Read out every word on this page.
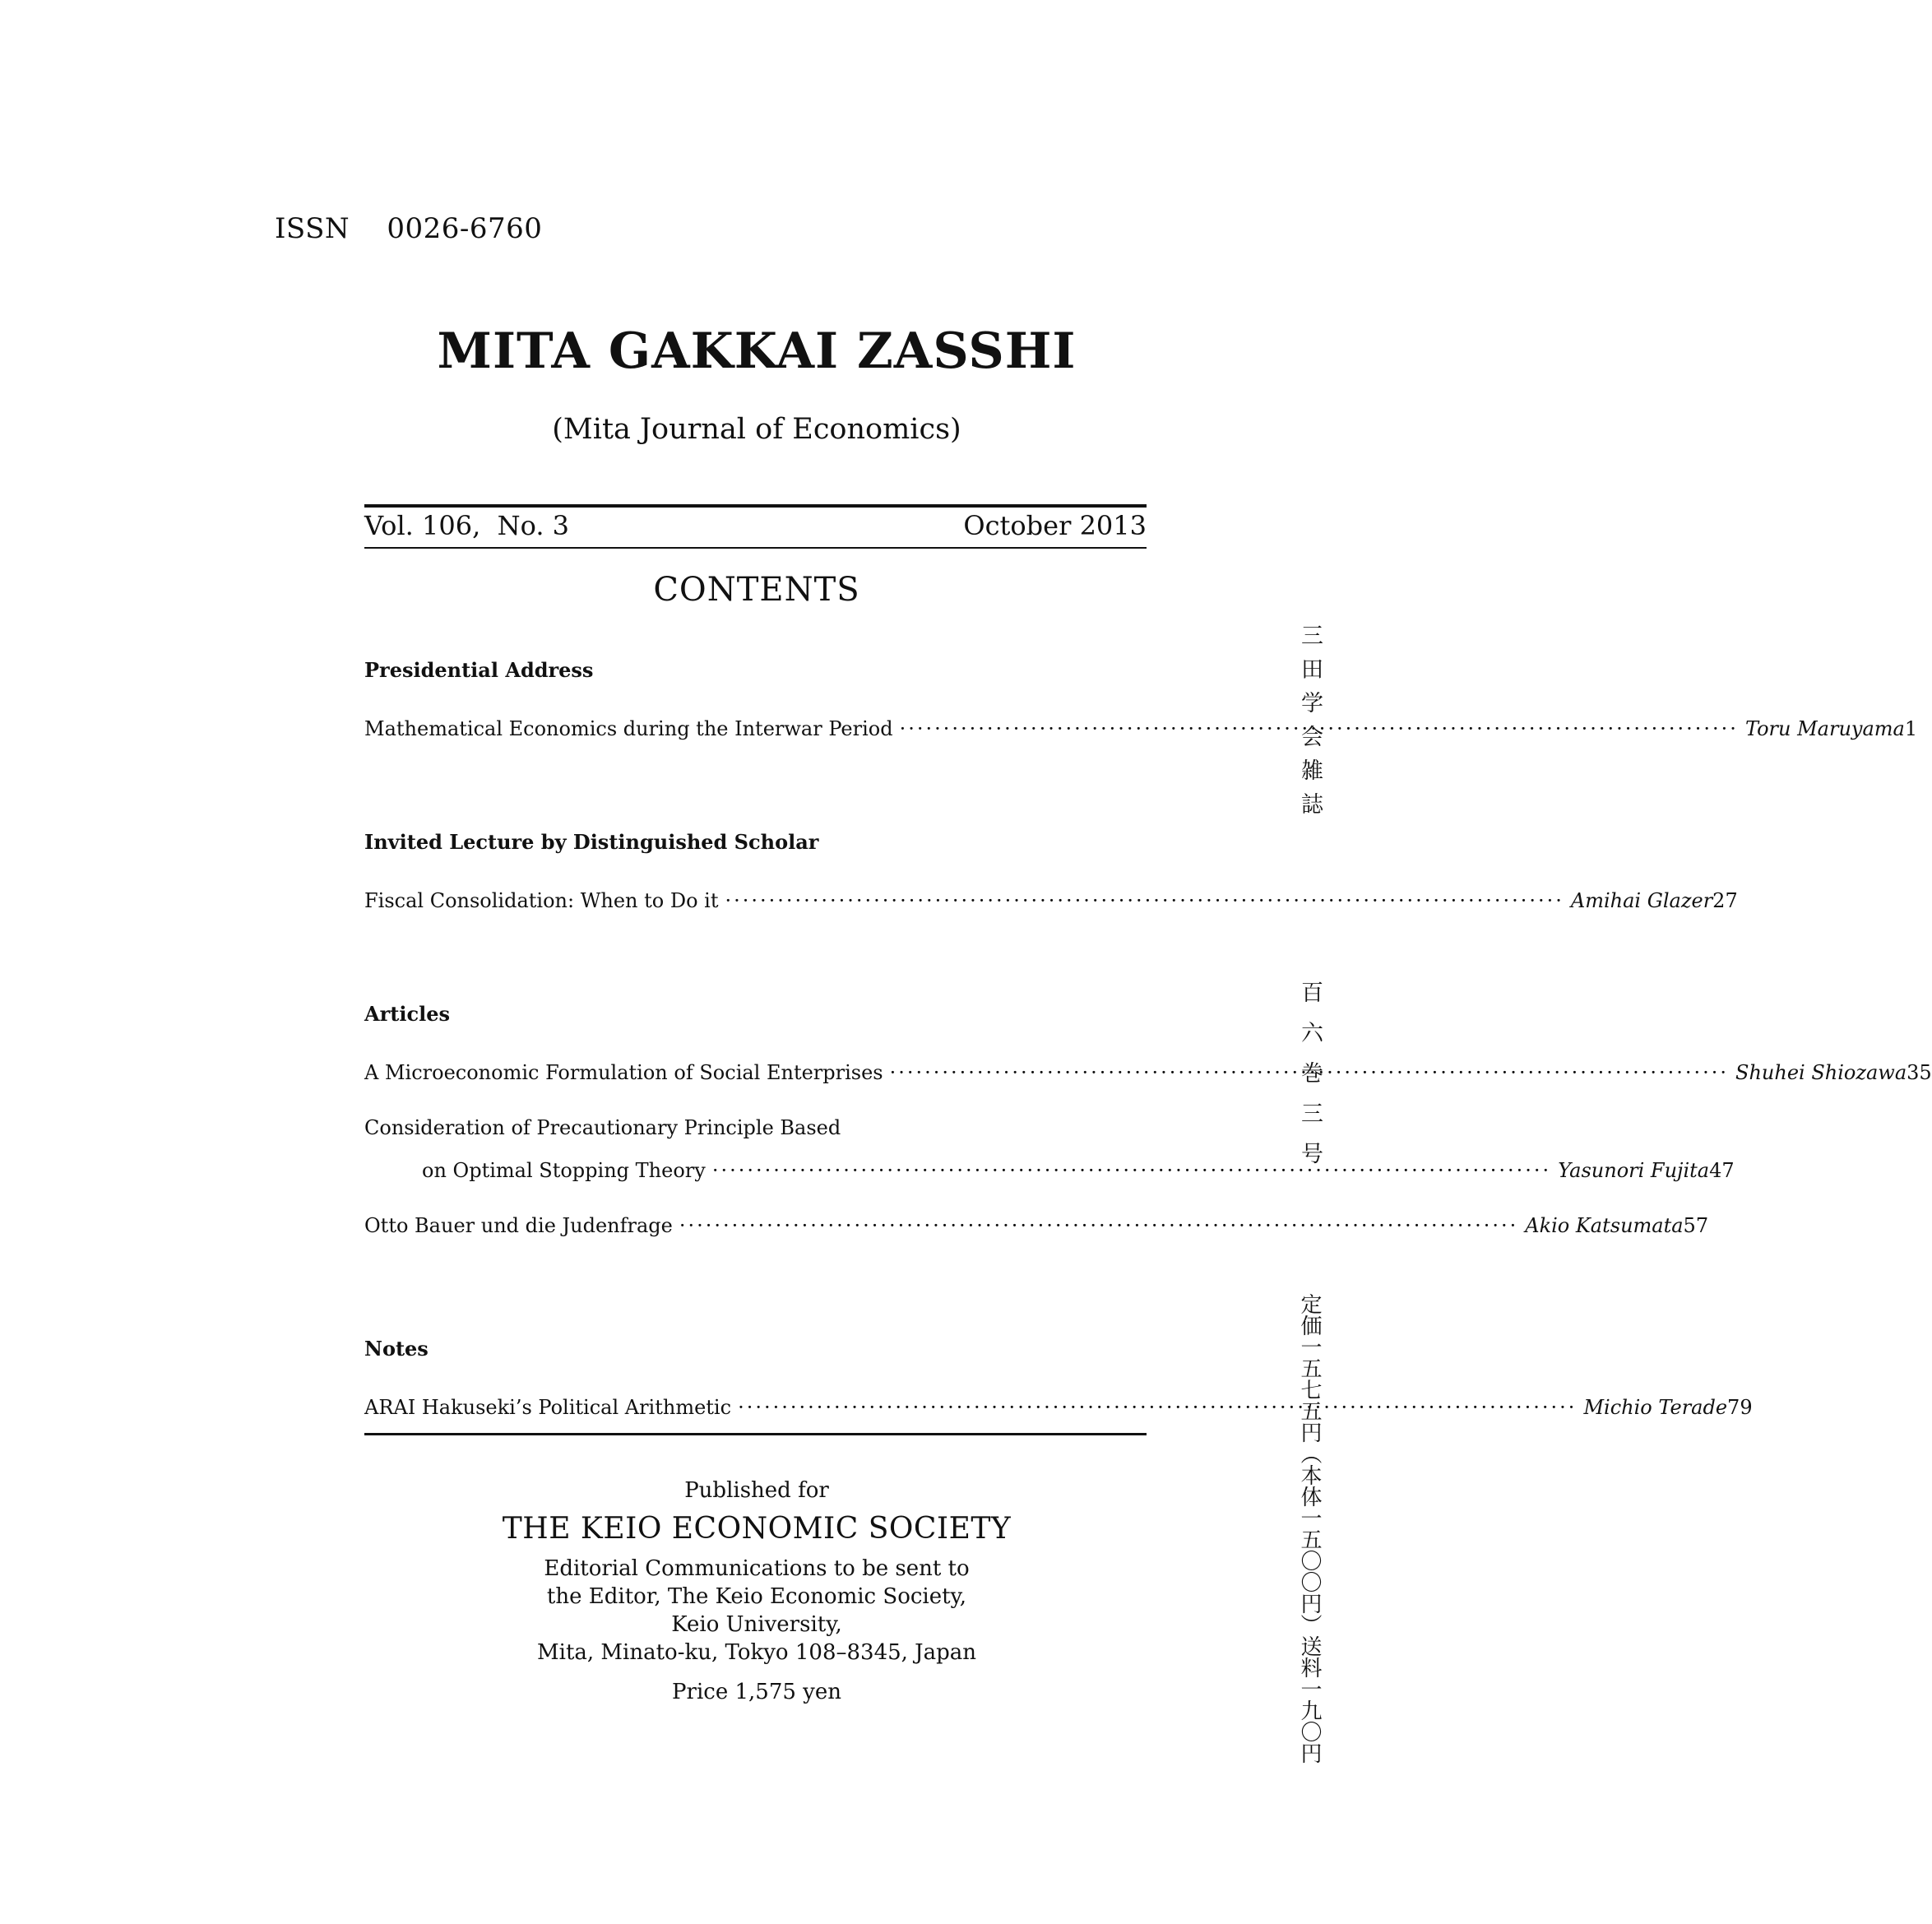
ISSN    0026-6760
MITA GAKKAI ZASSHI
(Mita Journal of Economics)
Vol. 106,  No. 3	October 2013
CONTENTS
Presidential Address
Mathematical Economics during the Interwar Period ································································································ Toru Maruyama 1
Invited Lecture by Distinguished Scholar
Fiscal Consolidation: When to Do it ································································································ Amihai Glazer 27
Articles
A Microeconomic Formulation of Social Enterprises ································································································ Shuhei Shiozawa 35
Consideration of Precautionary Principle Based
on Optimal Stopping Theory ································································································ Yasunori Fujita 47
Otto Bauer und die Judenfrage ································································································ Akio Katsumata 57
Notes
ARAI Hakuseki’s Political Arithmetic ································································································ Michio Terade 79
Published for
THE KEIO ECONOMIC SOCIETY
Editorial Communications to be sent to
the Editor, The Keio Economic Society,
Keio University,
Mita, Minato-ku, Tokyo 108–8345, Japan
Price 1,575 yen
三田学会雑誌
百六巻三号
定価一五七五円（本体一五〇〇円）送料一九〇円
